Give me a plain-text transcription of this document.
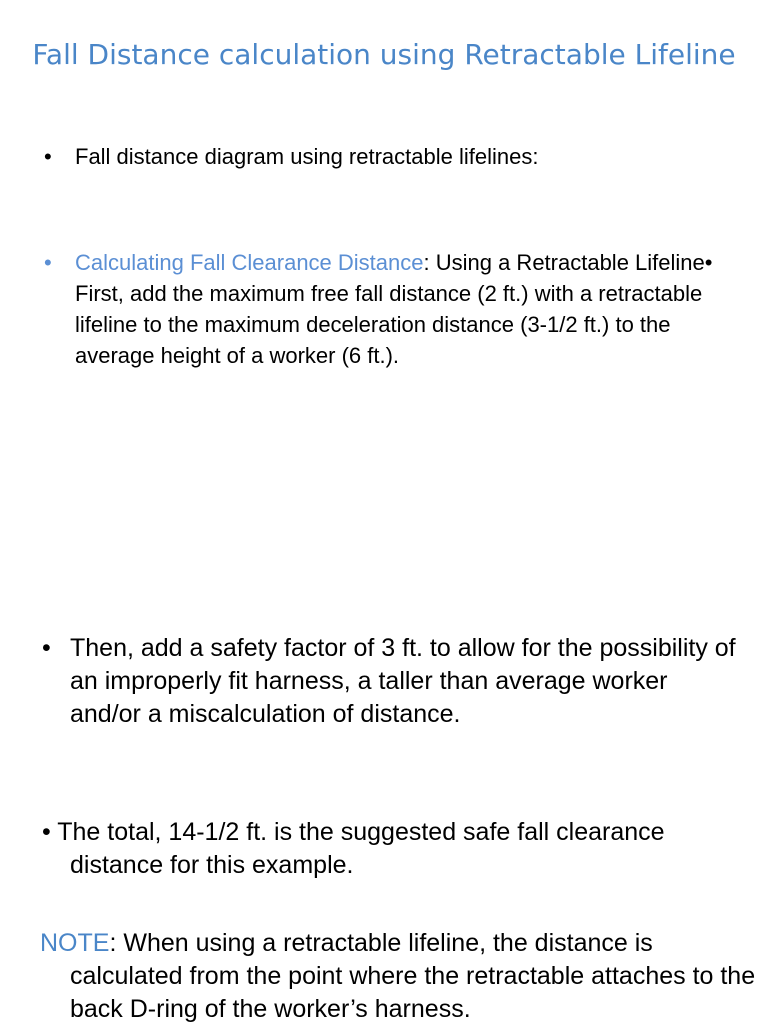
Fall Distance calculation using Retractable Lifeline
•	Fall distance diagram using retractable lifelines:
•	Calculating Fall Clearance Distance: Using a Retractable Lifeline• First, add the maximum free fall distance (2 ft.) with a retractable lifeline to the maximum deceleration distance (3-1/2 ft.) to the average height of a worker (6 ft.).
• Then, add a safety factor of 3 ft. to allow for the possibility of an improperly fit harness, a taller than average worker and/or a miscalculation of distance.
• The total, 14-1/2 ft. is the suggested safe fall clearance distance for this example.
NOTE: When using a retractable lifeline, the distance is calculated from the point where the retractable attaches to the back D-ring of the worker’s harness.
